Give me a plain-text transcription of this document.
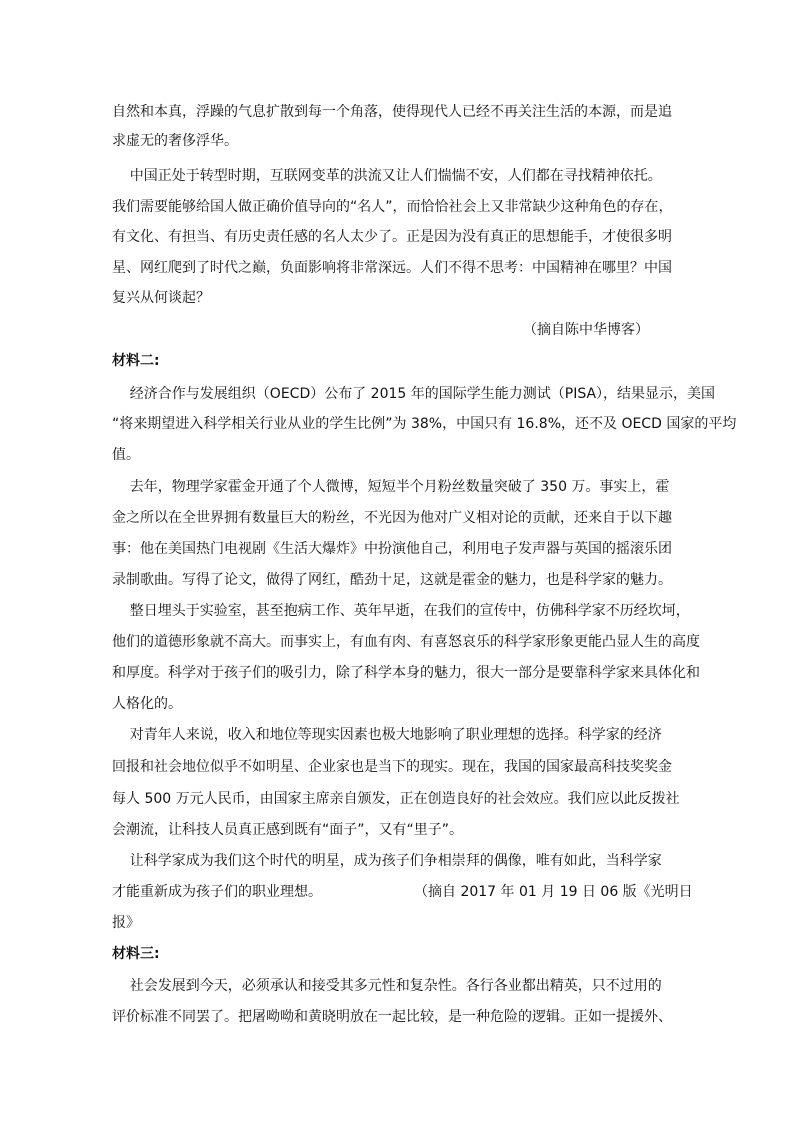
自然和本真，浮躁的气息扩散到每一个角落，使得现代人已经不再关注生活的本源，而是追
求虚无的奢侈浮华。
中国正处于转型时期，互联网变革的洪流又让人们惴惴不安，人们都在寻找精神依托。
我们需要能够给国人做正确价值导向的“名人”，而恰恰社会上又非常缺少这种角色的存在，
有文化、有担当、有历史责任感的名人太少了。正是因为没有真正的思想能手，才使很多明
星、网红爬到了时代之巅，负面影响将非常深远。人们不得不思考：中国精神在哪里？中国
复兴从何谈起？
（摘自陈中华博客）
材料二:
经济合作与发展组织（OECD）公布了 2015 年的国际学生能力测试（PISA），结果显示，美国
“将来期望进入科学相关行业从业的学生比例”为 38%，中国只有 16.8%，还不及 OECD 国家的平均
值。
去年，物理学家霍金开通了个人微博，短短半个月粉丝数量突破了 350 万。事实上，霍
金之所以在全世界拥有数量巨大的粉丝，不光因为他对广义相对论的贡献，还来自于以下趣
事：他在美国热门电视剧《生活大爆炸》中扮演他自己，利用电子发声器与英国的摇滚乐团
录制歌曲。写得了论文，做得了网红，酷劲十足，这就是霍金的魅力，也是科学家的魅力。
整日埋头于实验室，甚至抱病工作、英年早逝，在我们的宣传中，仿佛科学家不历经坎坷，
他们的道德形象就不高大。而事实上，有血有肉、有喜怒哀乐的科学家形象更能凸显人生的高度
和厚度。科学对于孩子们的吸引力，除了科学本身的魅力，很大一部分是要靠科学家来具体化和
人格化的。
对青年人来说，收入和地位等现实因素也极大地影响了职业理想的选择。科学家的经济
回报和社会地位似乎不如明星、企业家也是当下的现实。现在，我国的国家最高科技奖奖金
每人 500 万元人民币，由国家主席亲自颁发，正在创造良好的社会效应。我们应以此反拨社
会潮流，让科技人员真正感到既有“面子”，又有“里子”。
让科学家成为我们这个时代的明星，成为孩子们争相崇拜的偶像，唯有如此，当科学家
才能重新成为孩子们的职业理想。	（摘自 2017 年 01 月 19 日 06 版《光明日
报》
材料三:
社会发展到今天，必须承认和接受其多元性和复杂性。各行各业都出精英，只不过用的
评价标准不同罢了。把屠呦呦和黄晓明放在一起比较，是一种危险的逻辑。正如一提援外、
